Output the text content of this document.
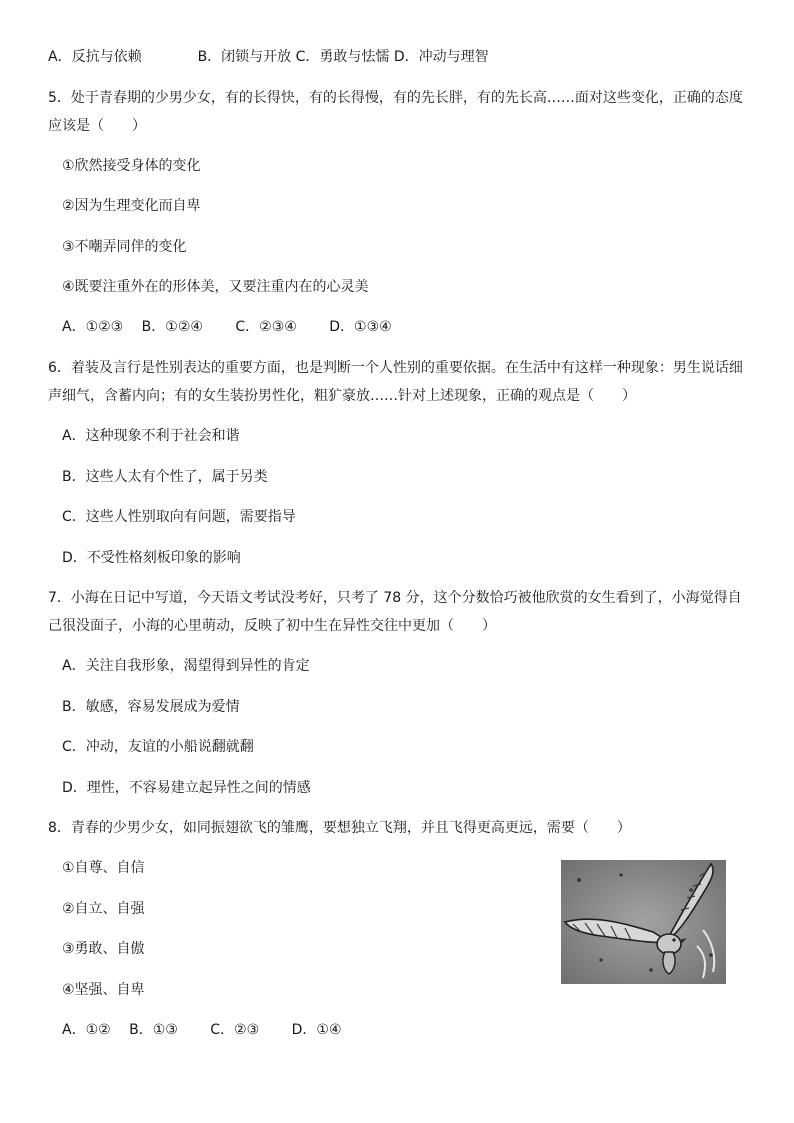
A．反抗与依赖　　　　B．闭锁与开放 C．勇敢与怯懦 D．冲动与理智
5．处于青春期的少男少女，有的长得快，有的长得慢，有的先长胖，有的先长高……面对这些变化，正确的态度
应该是（　　）
①欣然接受身体的变化
②因为生理变化而自卑
③不嘲弄同伴的变化
④既要注重外在的形体美，又要注重内在的心灵美
A．①②③　 B．①②④　　 C．②③④　　 D．①③④
6．着装及言行是性别表达的重要方面，也是判断一个人性别的重要依据。在生活中有这样一种现象：男生说话细
声细气，含蓄内向；有的女生装扮男性化，粗犷豪放……针对上述现象，正确的观点是（　　）
A．这种现象不利于社会和谐
B．这些人太有个性了，属于另类
C．这些人性别取向有问题，需要指导
D．不受性格刻板印象的影响
7．小海在日记中写道，今天语文考试没考好，只考了 78 分，这个分数恰巧被他欣赏的女生看到了，小海觉得自
己很没面子，小海的心里萌动，反映了初中生在异性交往中更加（　　）
A．关注自我形象，渴望得到异性的肯定
B．敏感，容易发展成为爱情
C．冲动，友谊的小船说翻就翻
D．理性，不容易建立起异性之间的情感
8．青春的少男少女，如同振翅欲飞的雏鹰，要想独立飞翔，并且飞得更高更远，需要（　　）
①自尊、自信
②自立、自强
③勇敢、自傲
④坚强、自卑
A．①②　 B．①③　　 C．②③　　 D．①④
